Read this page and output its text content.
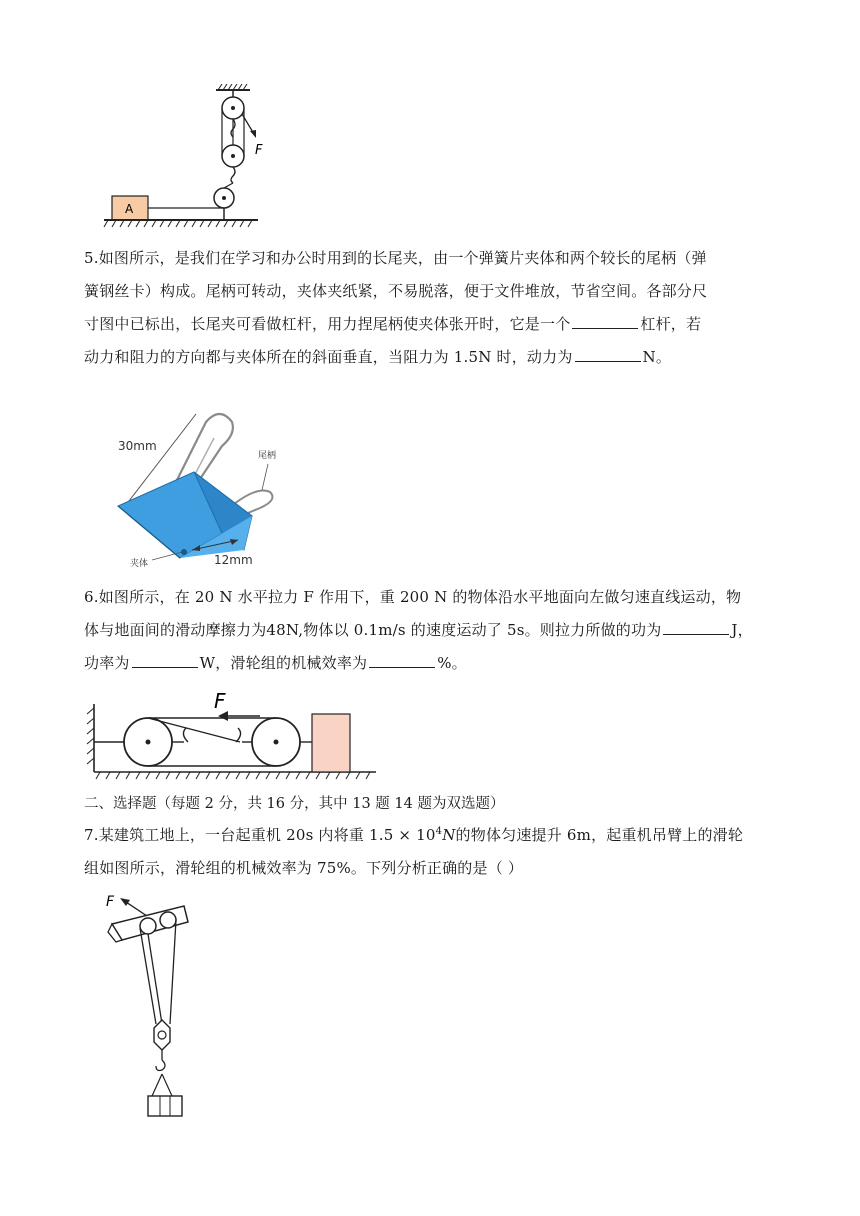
F
A
5.如图所示，是我们在学习和办公时用到的长尾夹，由一个弹簧片夹体和两个较长的尾柄（弹
簧钢丝卡）构成。尾柄可转动，夹体夹纸紧，不易脱落，便于文件堆放，节省空间。各部分尺
寸图中已标出，长尾夹可看做杠杆，用力捏尾柄使夹体张开时，它是一个	杠杆，若
动力和阻力的方向都与夹体所在的斜面垂直，当阻力为 1.5N 时，动力为	N。
30mm
尾柄
12mm
夹体
6.如图所示，在 20 N 水平拉力 F 作用下，重 200 N 的物体沿水平地面向左做匀速直线运动，物
体与地面间的滑动摩擦力为48N,物体以 0.1m/s 的速度运动了 5s。则拉力所做的功为	J，
功率为	W，滑轮组的机械效率为	%。
F
二、选择题（每题 2 分，共 16 分，其中 13 题 14 题为双选题）
7.某建筑工地上，一台起重机 20s 内将重 $1.5 \times 10^4N$的物体匀速提升 6m，起重机吊臂上的滑轮
组如图所示，滑轮组的机械效率为 75%。下列分析正确的是（ ）
F
